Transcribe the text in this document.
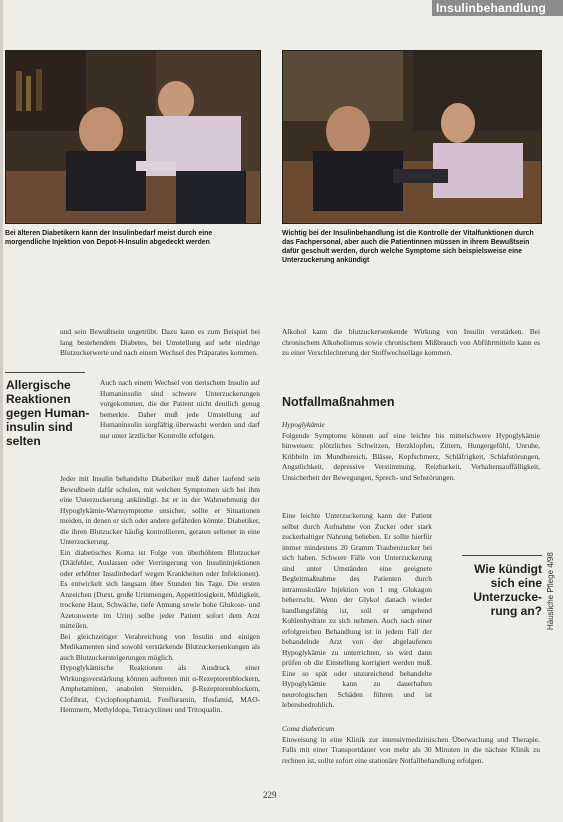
Insulinbehandlung
Bei älteren Diabetikern kann der Insulinbedarf meist durch eine morgendliche Injektion von Depot-H-Insulin abgedeckt werden
Wichtig bei der Insulinbehandlung ist die Kontrolle der Vitalfunktionen durch das Fachpersonal, aber auch die Patientinnen müssen in ihrem Bewußtsein dafür geschult werden, durch welche Symptome sich beispielsweise eine Unterzuckerung ankündigt

und sein Bewußtsein ungetrübt. Dazu kann es zum Beispiel bei lang bestehendem Diabetes, bei Umstellung auf sehr niedrige Blutzuckerwerte und nach einem Wechsel des Präparates kommen.

Allergische Reaktionen gegen Human-insulin sind selten

Auch nach einem Wechsel von tierischem Insulin auf Humaninsulin sind schwere Unterzuckerungen vorgekommen, die der Patient nicht deutlich genug bemerkte. Daher muß jede Umstellung auf Humaninsulin sorgfältig überwacht werden und darf nur unter ärztlicher Kontrolle erfolgen.

Jeder mit Insulin behandelte Diabetiker muß daher laufend sein Bewußtsein dafür schulen, mit welchen Symptomen sich bei ihm eine Unterzuckerung ankündigt. Ist er in der Wahrnehmung der Hypoglykämie-Warnsymptome unsicher, sollte er Situationen meiden, in denen er sich oder andere gefährden könnte. Diabetiker, die ihren Blutzucker häufig kontrollieren, geraten seltener in eine Unterzuckerung.

Ein diabetisches Koma ist Folge von überhöhtem Blutzucker (Diätfehler, Auslassen oder Verringerung von Insulininjektionen oder erhöhter Insulinbedarf wegen Krankheiten oder Infektionen). Es entwickelt sich langsam über Stunden bis Tage. Die ersten Anzeichen (Durst, große Urinmengen, Appetitlosigkeit, Müdigkeit, trockene Haut, Schwäche, tiefe Atmung sowie hohe Glukose- und Azetonwerte im Urin) sollte jeder Patient sofort dem Arzt mitteilen.

Bei gleichzeitiger Verabreichung von Insulin und einigen Medikamenten sind sowohl verstärkende Blutzuckersenkungen als auch Blutzuckersteigerungen möglich.

Hypoglykämische Reaktionen als Ausdruck einer Wirkungsverstärkung können auftreten mit α-Rezeptorenblockern, Amphetaminen, anabolen Steroiden, β-Rezeptorenblockern, Clofibrat, Cyclophosphamid, Fenfluramin, Ifosfamid, MAO-Hemmern, Methyldopa, Tetracyclinen und Tritoqualin.

Alkohol kann die blutzuckersenkende Wirkung von Insulin verstärken. Bei chronischem Alkoholismus sowie chronischem Mißbrauch von Abführmitteln kann es zu einer Verschlechterung der Stoffwechsellage kommen.

Notfallmaßnahmen
Hypoglykämie

Folgende Symptome können auf eine leichte bis mittelschwere Hypoglykämie hinweisen: plötzliches Schwitzen, Herzklopfen, Zittern, Hungergefühl, Unruhe, Kribbeln im Mundbereich, Blässe, Kopfschmerz, Schläfrigkeit, Schlafstörungen, Angstlichkeit, depressive Verstimmung, Reizbarkeit, Verhaltensauffälligkeit, Unsicherheit der Bewegungen, Sprech- und Sehstörungen.

Eine leichte Unterzuckerung kann der Patient selbst durch Aufnahme von Zucker oder stark zuckerhaltiger Nahrung beheben. Er sollte hierfür immer mindestens 20 Gramm Traubenzucker bei sich haben. Schwere Fälle von Unterzuckerung sind unter Umständen eine geeignete Begleitmaßnahme des Patienten durch intramuskuläre Injektion von 1 mg Glukagon beherrscht. Wenn der Glykol danach wieder handlungsfähig ist, soll er umgehend Kohlenhydrate zu sich nehmen. Auch nach einer erfolgreichen Behandlung ist in jedem Fall der behandelnde Arzt von der abgelaufenen Hypoglykämie zu unterrichten, so wird dann prüfen ob die Einstellung korrigiert werden muß. Eine so spät oder unzureichend behandelte Hypoglykämie kann zu dauerhaften neurologischen Schäden führen und ist lebensbedrohlich.

Wie kündigt sich eine Unterzucke-rung an?
Coma diabeticum

Einweisung in eine Klinik zur intensivmedizinischen Überwachung und Therapie. Falls mit einer Transportdauer von mehr als 30 Minuten in die nächste Klinik zu rechnen ist, sollte sofort eine stationäre Notfallbehandlung erfolgen.

229
Häusliche Pflege 4/98
